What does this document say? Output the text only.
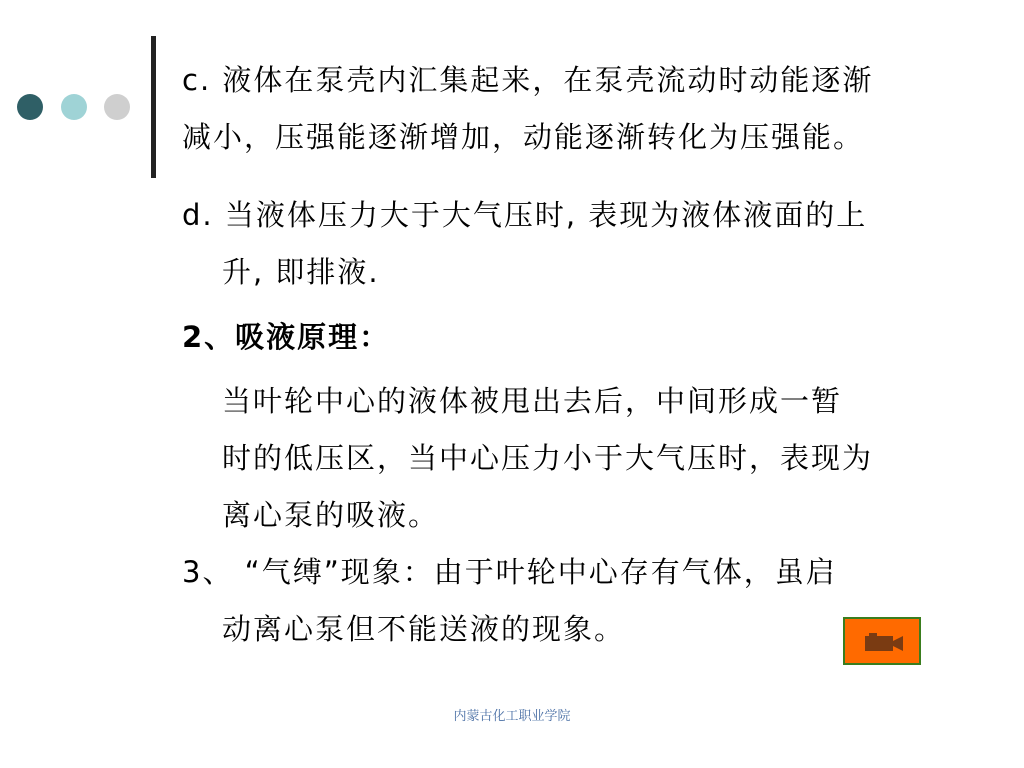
c. 液体在泵壳内汇集起来，在泵壳流动时动能逐渐
减小，压强能逐渐增加，动能逐渐转化为压强能。
d. 当液体压力大于大气压时, 表现为液体液面的上
升, 即排液.
2、吸液原理：
当叶轮中心的液体被甩出去后，中间形成一暂
时的低压区，当中心压力小于大气压时，表现为
离心泵的吸液。
3、 “气缚”现象：由于叶轮中心存有气体，虽启
动离心泵但不能送液的现象。
内蒙古化工职业学院
